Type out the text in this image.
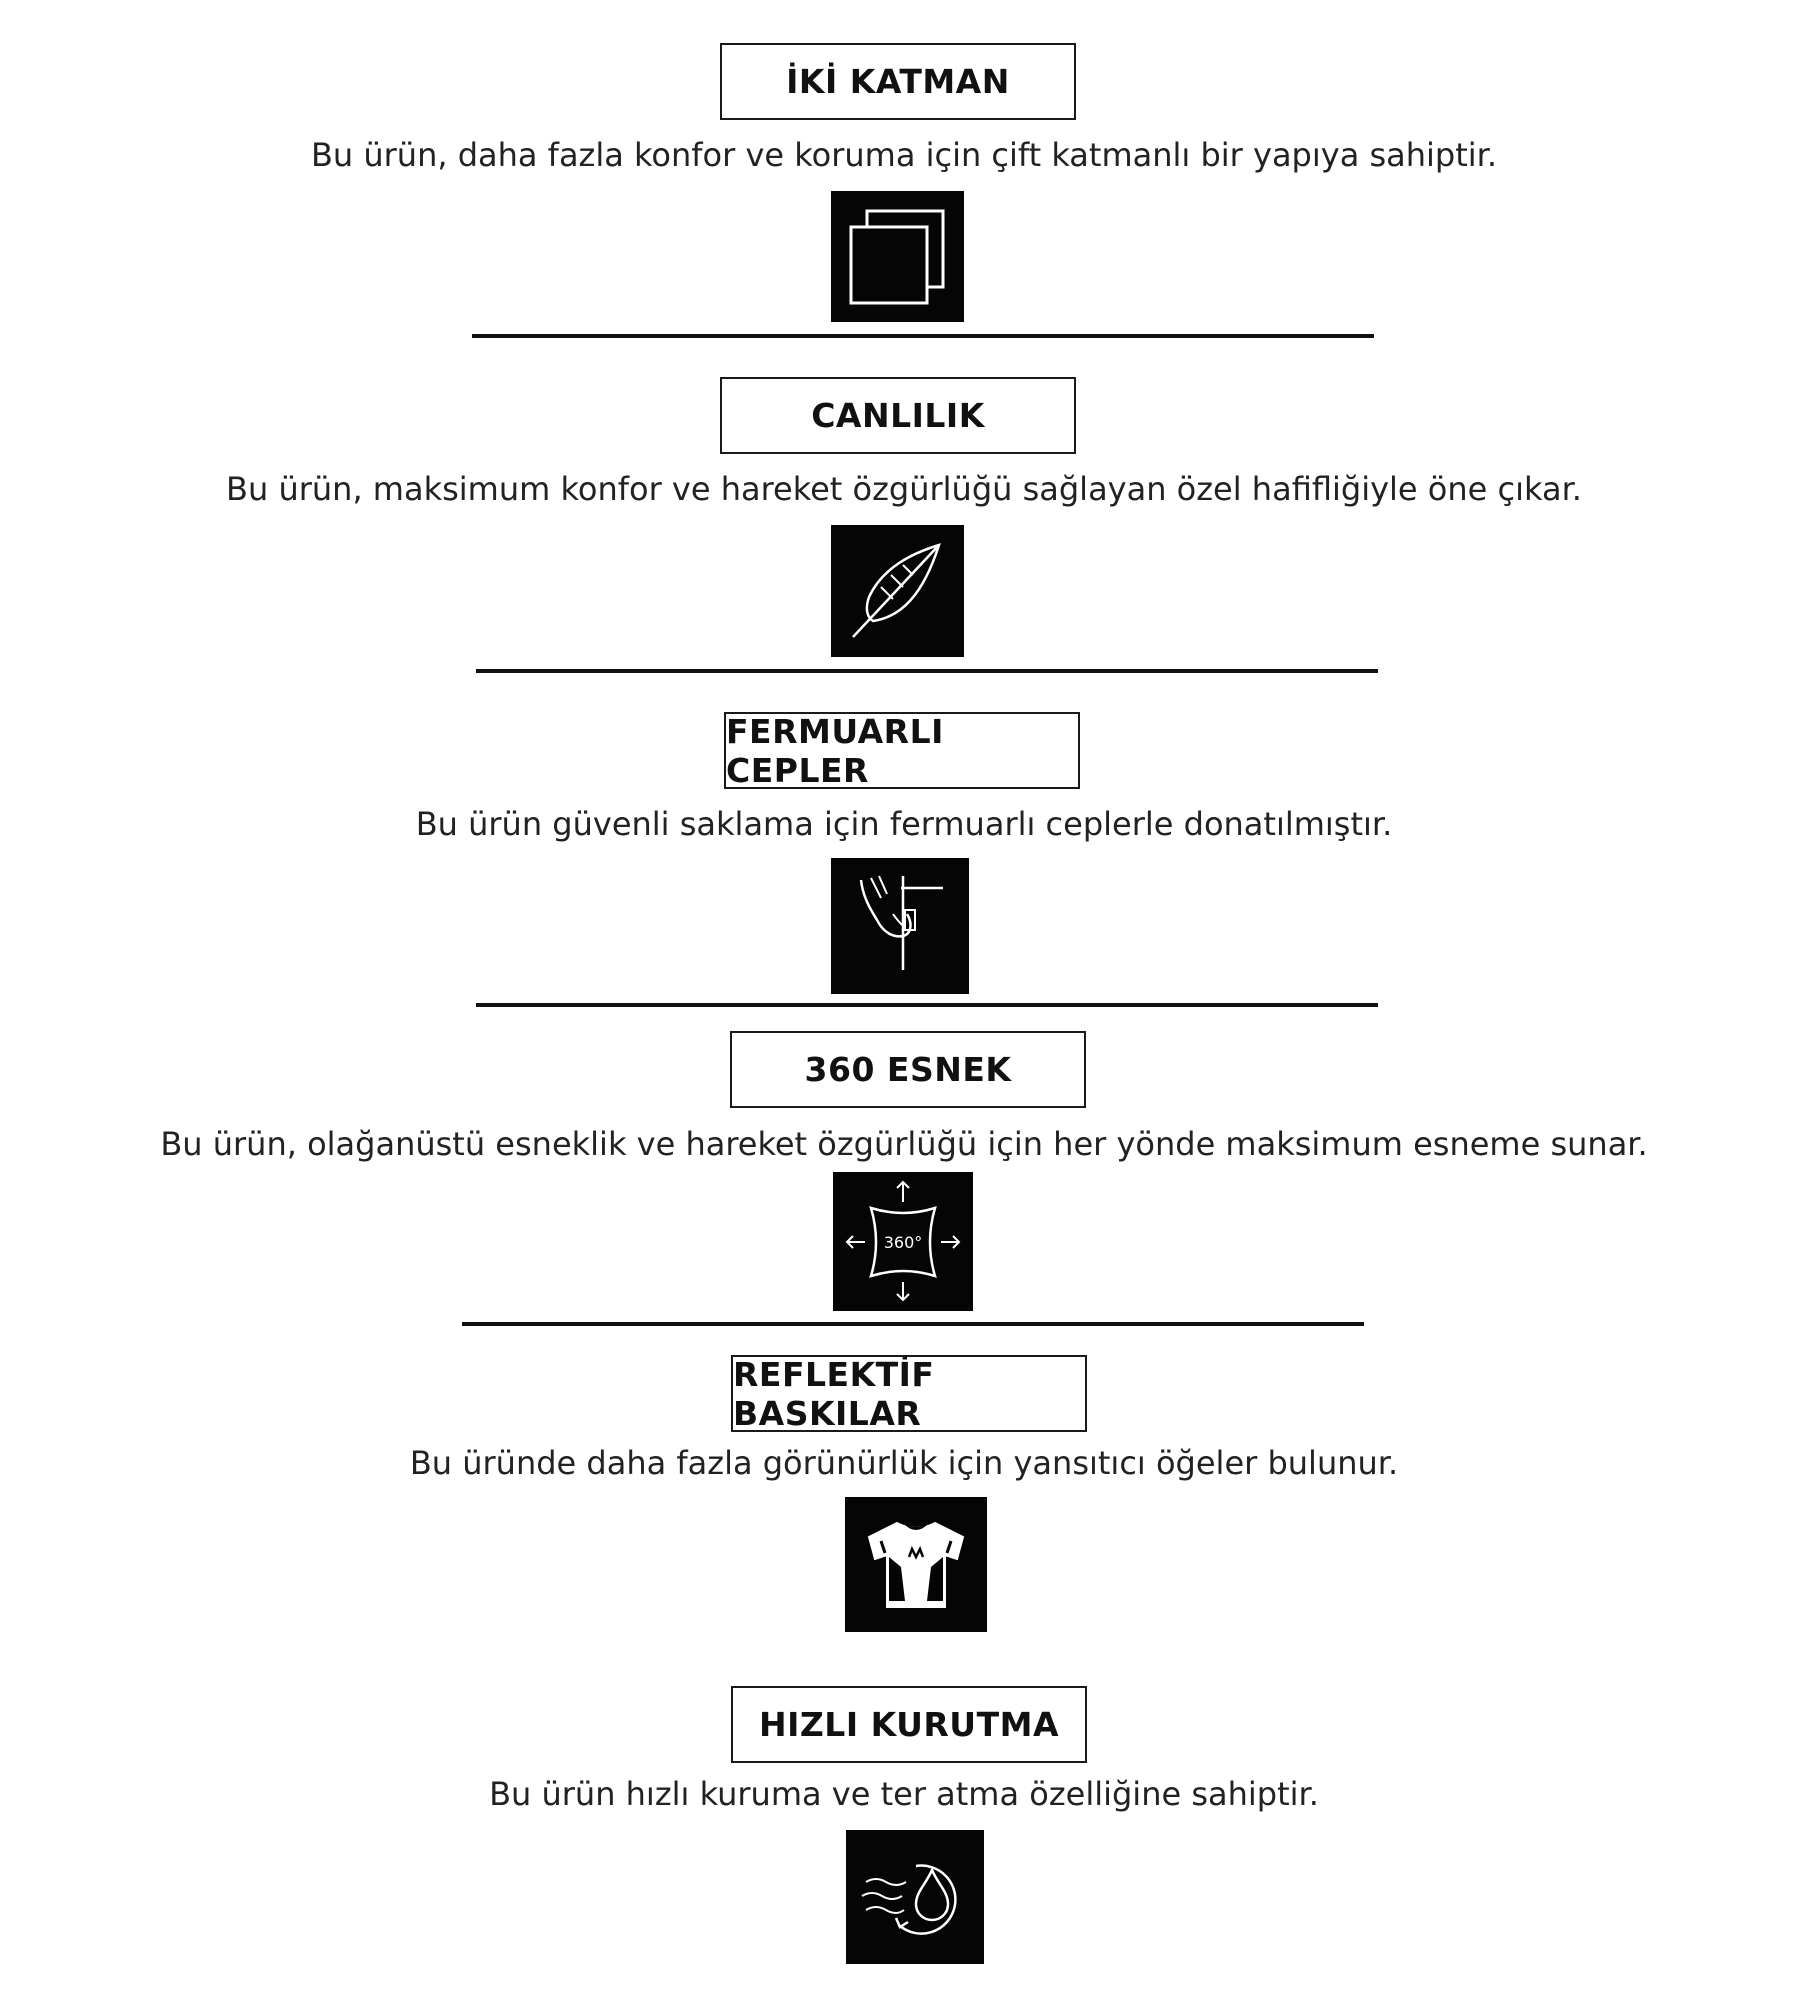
İKİ KATMAN
Bu ürün, daha fazla konfor ve koruma için çift katmanlı bir yapıya sahiptir.
CANLILIK
Bu ürün, maksimum konfor ve hareket özgürlüğü sağlayan özel hafifliğiyle öne çıkar.
FERMUARLI CEPLER
Bu ürün güvenli saklama için fermuarlı ceplerle donatılmıştır.
360 ESNEK
Bu ürün, olağanüstü esneklik ve hareket özgürlüğü için her yönde maksimum esneme sunar.
360°
REFLEKTİF BASKILAR
Bu üründe daha fazla görünürlük için yansıtıcı öğeler bulunur.
HIZLI KURUTMA
Bu ürün hızlı kuruma ve ter atma özelliğine sahiptir.
